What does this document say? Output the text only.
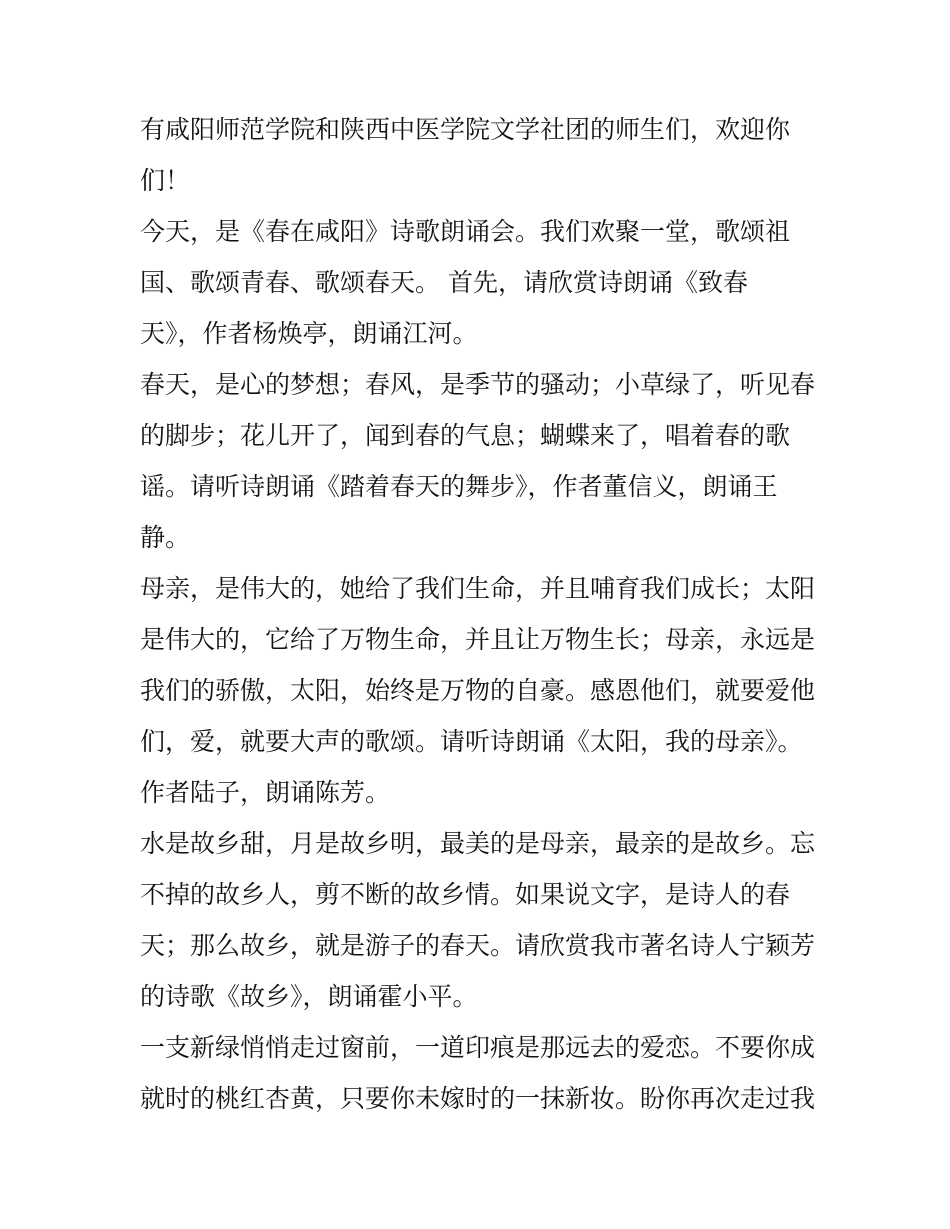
有咸阳师范学院和陕西中医学院文学社团的师生们，欢迎你
们！
今天，是《春在咸阳》诗歌朗诵会。我们欢聚一堂，歌颂祖
国、歌颂青春、歌颂春天。 首先，请欣赏诗朗诵《致春
天》，作者杨焕亭，朗诵江河。
春天，是心的梦想；春风，是季节的骚动；小草绿了，听见春
的脚步；花儿开了，闻到春的气息；蝴蝶来了，唱着春的歌
谣。请听诗朗诵《踏着春天的舞步》，作者董信义，朗诵王
静。
母亲，是伟大的，她给了我们生命，并且哺育我们成长；太阳
是伟大的，它给了万物生命，并且让万物生长；母亲，永远是
我们的骄傲，太阳，始终是万物的自豪。感恩他们，就要爱他
们，爱，就要大声的歌颂。请听诗朗诵《太阳，我的母亲》。
作者陆子，朗诵陈芳。
水是故乡甜，月是故乡明，最美的是母亲，最亲的是故乡。忘
不掉的故乡人，剪不断的故乡情。如果说文字，是诗人的春
天；那么故乡，就是游子的春天。请欣赏我市著名诗人宁颖芳
的诗歌《故乡》，朗诵霍小平。
一支新绿悄悄走过窗前，一道印痕是那远去的爱恋。不要你成
就时的桃红杏黄，只要你未嫁时的一抹新妆。盼你再次走过我
